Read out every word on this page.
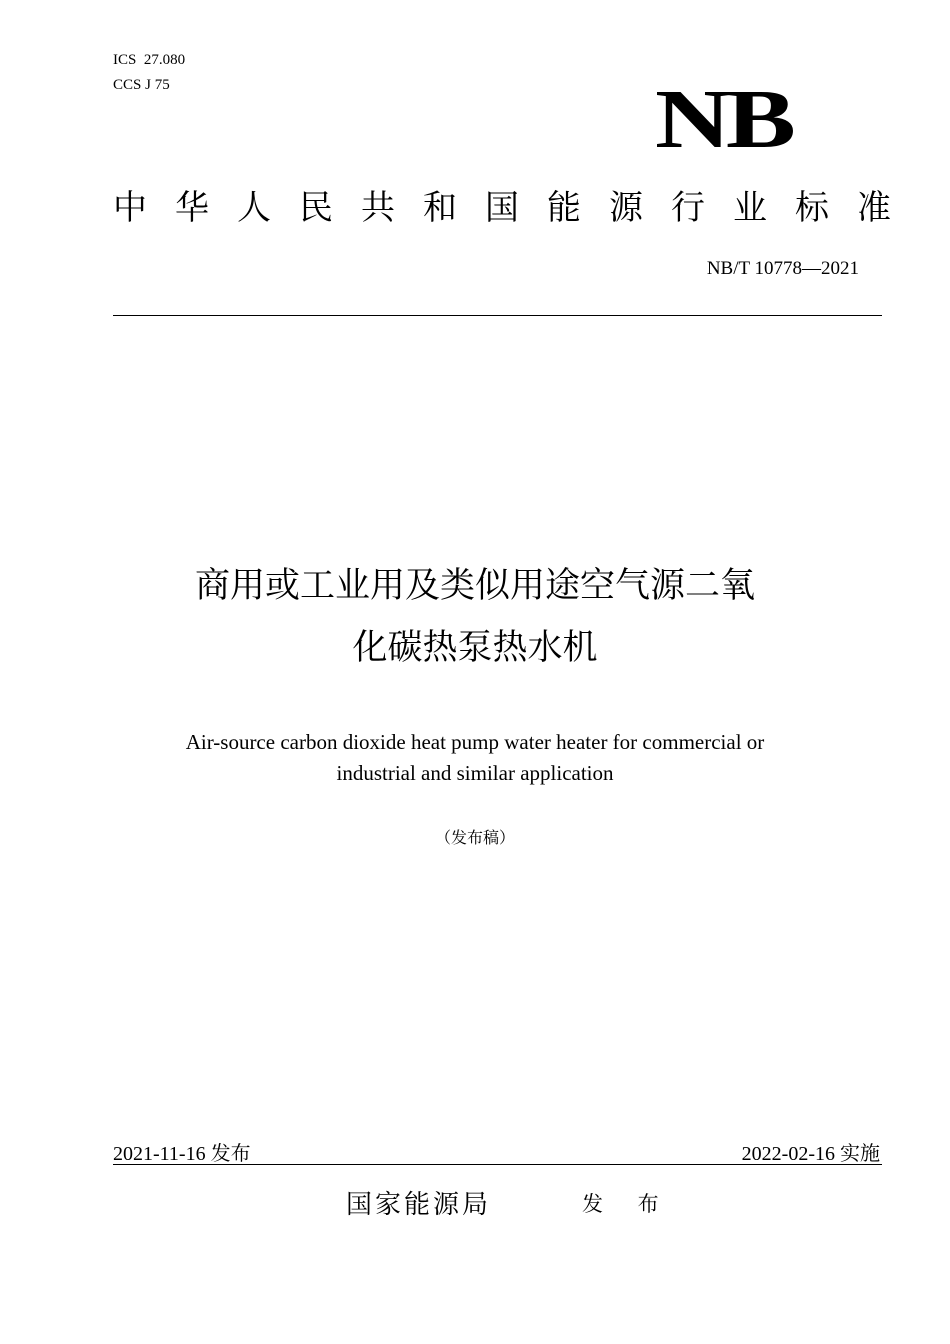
ICS  27.080
CCS J 75	NB
中华人民共和国能源行业标准
NB/T 10778—2021
商用或工业用及类似用途空气源二氧
化碳热泵热水机
Air-source carbon dioxide heat pump water heater for commercial or
industrial and similar application
（发布稿）
2021-11-16 发布	2022-02-16 实施
国家能源局	发 布
